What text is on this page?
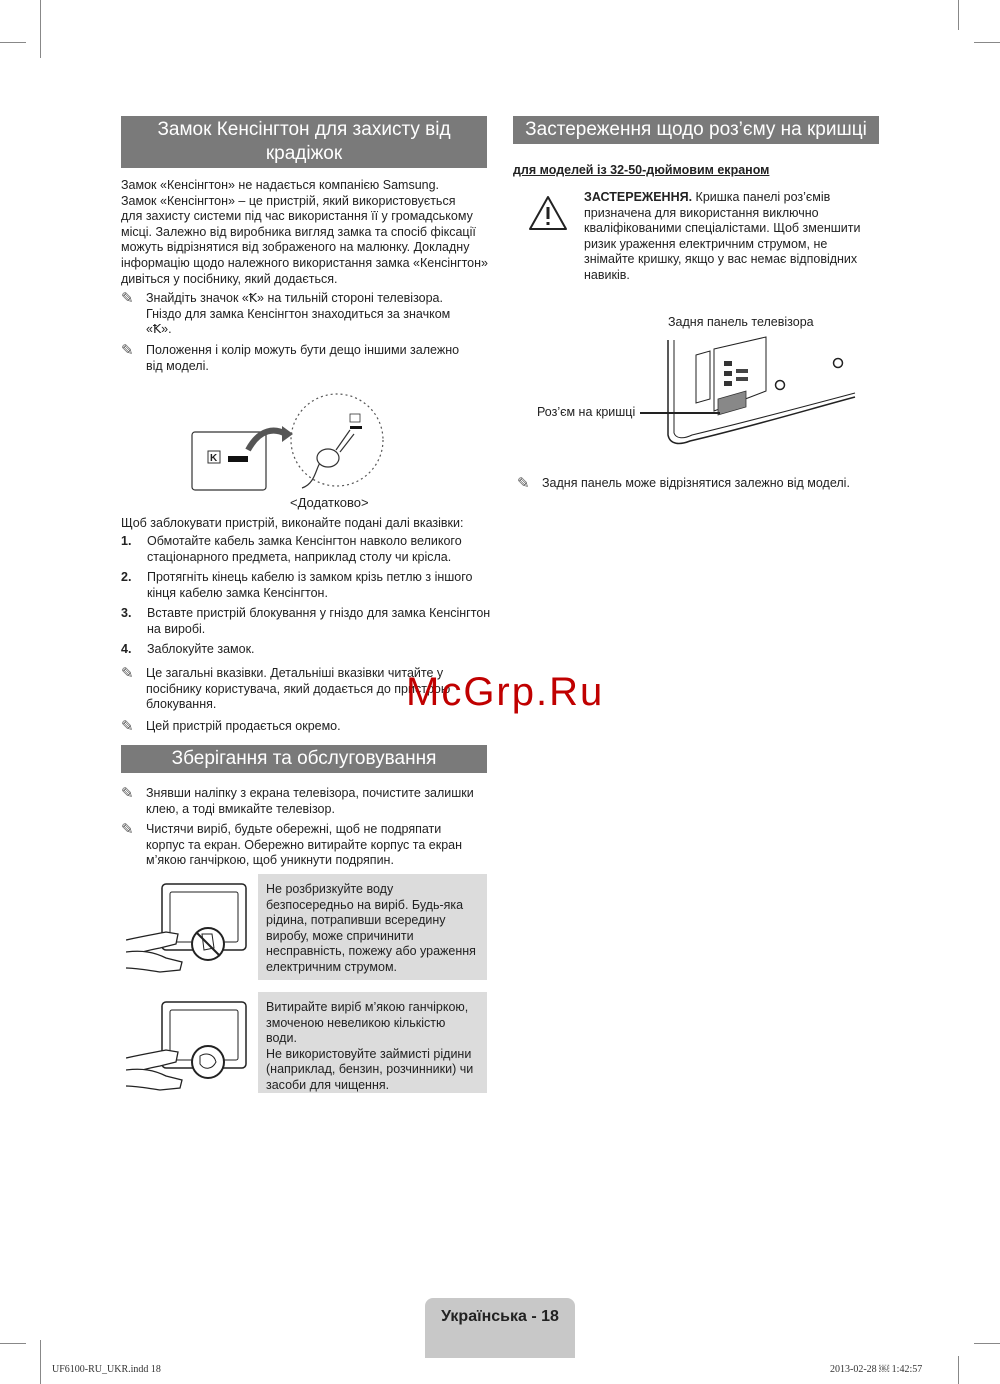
Замок Кенсінгтон для захисту від
крадіжок
Замок «Кенсінгтон» не надається компанією Samsung.
Замок «Кенсінгтон» – це пристрій, який використовується
для захисту системи під час використання її у громадському
місці. Залежно від виробника вигляд замка та спосіб фіксації
можуть відрізнятися від зображеного на малюнку. Докладну
інформацію щодо належного використання замка «Кенсінгтон»
дивіться у посібнику, який додається.
✎ Знайдіть значок «Ꝁ» на тильній стороні телевізора.
Гніздо для замка Кенсінгтон знаходиться за значком
«Ꝁ».
✎ Положення і колір можуть бути дещо іншими залежно
від моделі.
K
<Додатково>
Щоб заблокувати пристрій, виконайте подані далі вказівки:
1.	Обмотайте кабель замка Кенсінгтон навколо великого
стаціонарного предмета, наприклад столу чи крісла.
2.	Протягніть кінець кабелю із замком крізь петлю з іншого
кінця кабелю замка Кенсінгтон.
3.	Вставте пристрій блокування у гніздо для замка Кенсінгтон
на виробі.
4.	Заблокуйте замок.
✎ Це загальні вказівки. Детальніші вказівки читайте у
посібнику користувача, який додається до пристрою
блокування.
✎ Цей пристрій продається окремо.
Зберігання та обслуговування
✎ Знявши наліпку з екрана телевізора, почистите залишки
клею, а тоді вмикайте телевізор.
✎ Чистячи виріб, будьте обережні, щоб не подряпати
корпус та екран. Обережно витирайте корпус та екран
м’якою ганчіркою, щоб уникнути подряпин.
Не розбризкуйте воду
безпосередньо на виріб. Будь-яка
рідина, потрапивши всередину
виробу, може спричинити
несправність, пожежу або ураження
електричним струмом.
Витирайте виріб м’якою ганчіркою,
змоченою невеликою кількістю води.
Не використовуйте займисті рідини
(наприклад, бензин, розчинники) чи
засоби для чищення.
Застереження щодо роз’єму на кришці
для моделей із 32-50-дюймовим екраном
ЗАСТЕРЕЖЕННЯ. Кришка панелі роз’ємів
призначена для використання виключно
кваліфікованими спеціалістами. Щоб зменшити
ризик ураження електричним струмом, не
знімайте кришку, якщо у вас немає відповідних
навиків.
Задня панель телевізора
Роз’єм на кришці
✎ Задня панель може відрізнятися залежно від моделі.
McGrp.Ru
Українська - 18
UF6100-RU_UKR.indd 18	2013-02-28 ￼ 1:42:57
